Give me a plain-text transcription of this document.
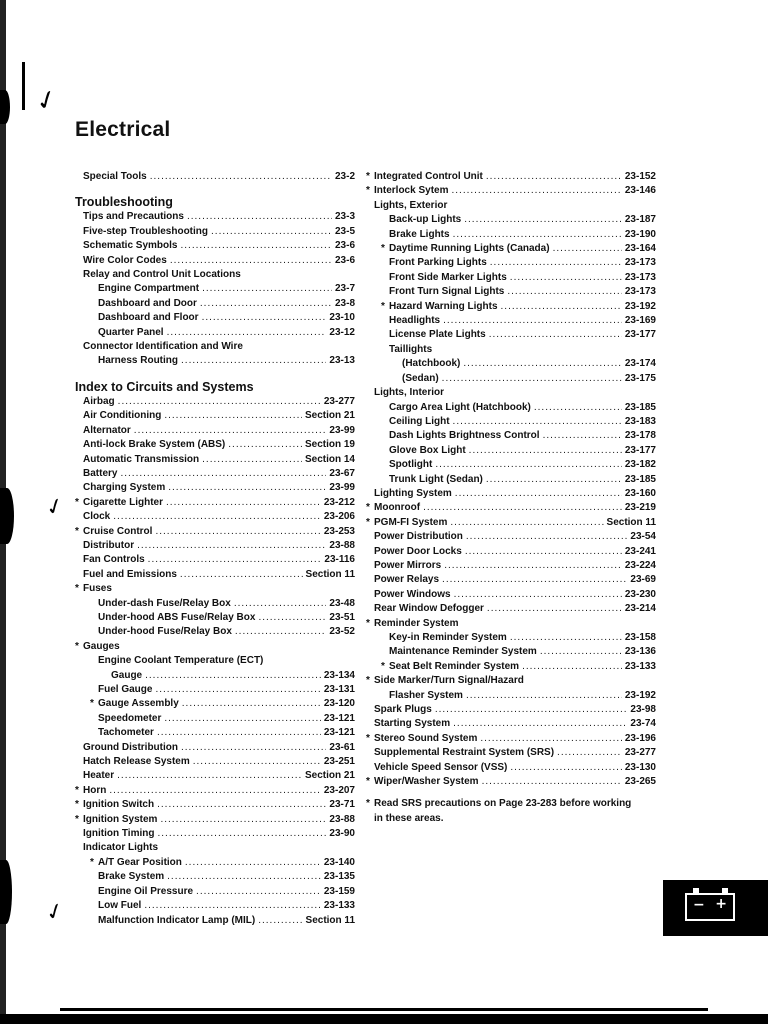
✓
✓
✓
Electrical
Special Tools .....	23-2
Troubleshooting
Tips and Precautions .....	23-3
Five-step Troubleshooting .....	23-5
Schematic Symbols .....	23-6
Wire Color Codes .....	23-6
Relay and Control Unit Locations
Engine Compartment .....	23-7
Dashboard and Door .....	23-8
Dashboard and Floor .....	23-10
Quarter Panel .....	23-12
Connector Identification and Wire
Harness Routing .....	23-13
Index to Circuits and Systems
Airbag .....	23-277
Air Conditioning .....	Section 21
Alternator .....	23-99
Anti-lock Brake System (ABS) .....	Section 19
Automatic Transmission .....	Section 14
Battery .....	23-67
Charging System .....	23-99
* Cigarette Lighter .....	23-212
Clock .....	23-206
* Cruise Control .....	23-253
Distributor .....	23-88
Fan Controls .....	23-116
Fuel and Emissions .....	Section 11
* Fuses
Under-dash Fuse/Relay Box .....	23-48
Under-hood ABS Fuse/Relay Box .....	23-51
Under-hood Fuse/Relay Box .....	23-52
* Gauges
Engine Coolant Temperature (ECT)
Gauge .....	23-134
Fuel Gauge .....	23-131
* Gauge Assembly .....	23-120
Speedometer .....	23-121
Tachometer .....	23-121
Ground Distribution .....	23-61
Hatch Release System .....	23-251
Heater .....	Section 21
* Horn .....	23-207
* Ignition Switch .....	23-71
* Ignition System .....	23-88
Ignition Timing .....	23-90
Indicator Lights
* A/T Gear Position .....	23-140
Brake System .....	23-135
Engine Oil Pressure .....	23-159
Low Fuel .....	23-133
Malfunction Indicator Lamp (MIL) .....	Section 11
* Integrated Control Unit .....	23-152
* Interlock Sytem .....	23-146
Lights, Exterior
Back-up Lights .....	23-187
Brake Lights .....	23-190
* Daytime Running Lights (Canada) .....	23-164
Front Parking Lights .....	23-173
Front Side Marker Lights .....	23-173
Front Turn Signal Lights .....	23-173
* Hazard Warning Lights .....	23-192
Headlights .....	23-169
License Plate Lights .....	23-177
Taillights
(Hatchbook) .....	23-174
(Sedan) .....	23-175
Lights, Interior
Cargo Area Light (Hatchbook) .....	23-185
Ceiling Light .....	23-183
Dash Lights Brightness Control .....	23-178
Glove Box Light .....	23-177
Spotlight .....	23-182
Trunk Light (Sedan) .....	23-185
Lighting System .....	23-160
* Moonroof .....	23-219
* PGM-FI System .....	Section 11
Power Distribution .....	23-54
Power Door Locks .....	23-241
Power Mirrors .....	23-224
Power Relays .....	23-69
Power Windows .....	23-230
Rear Window Defogger .....	23-214
* Reminder System
Key-in Reminder System .....	23-158
Maintenance Reminder System .....	23-136
* Seat Belt Reminder System .....	23-133
* Side Marker/Turn Signal/Hazard
Flasher System .....	23-192
Spark Plugs .....	23-98
Starting System .....	23-74
* Stereo Sound System .....	23-196
Supplemental Restraint System (SRS) .....	23-277
Vehicle Speed Sensor (VSS) .....	23-130
* Wiper/Washer System .....	23-265
* Read SRS precautions on Page 23-283 before working
in these areas.
− +
